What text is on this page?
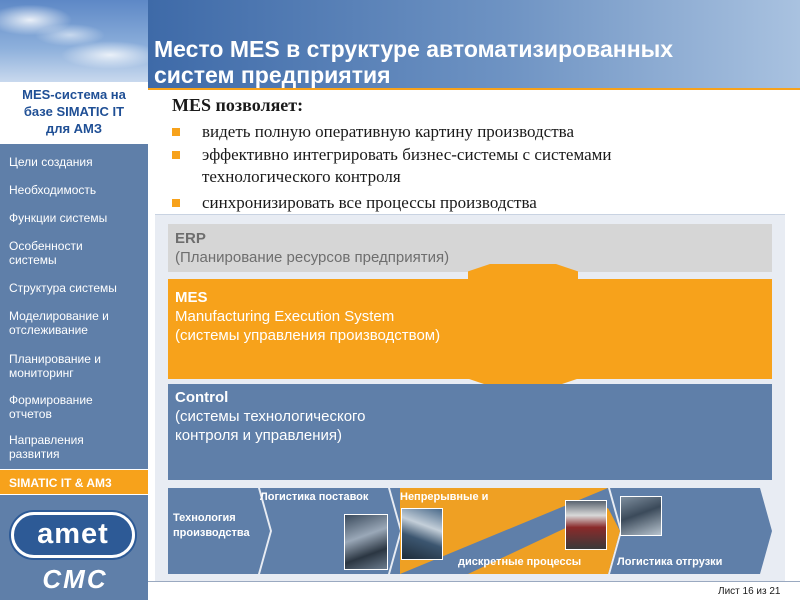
MES-система на
базе SIMATIC IT
для АМЗ
Цели создания
Необходимость
Функции системы
Особенности
системы
Структура системы
Моделирование и
отслеживание
Планирование и
мониторинг
Формирование
отчетов
Направления
развития
SIMATIC IT & AM3
amet
CMC
Место MES в структуре автоматизированных
систем предприятия
MES позволяет:
видеть полную оперативную картину производства
эффективно интегрировать бизнес-системы с системами
технологического контроля
синхронизировать все процессы производства
ERP
(Планирование ресурсов предприятия)
MES
Manufacturing Execution System
(системы управления производством)
Control
(системы технологического
контроля и управления)
Технология
производства
Логистика поставок	Непрерывные и
дискретные процессы	Логистика отгрузки
Лист 16 из 21
